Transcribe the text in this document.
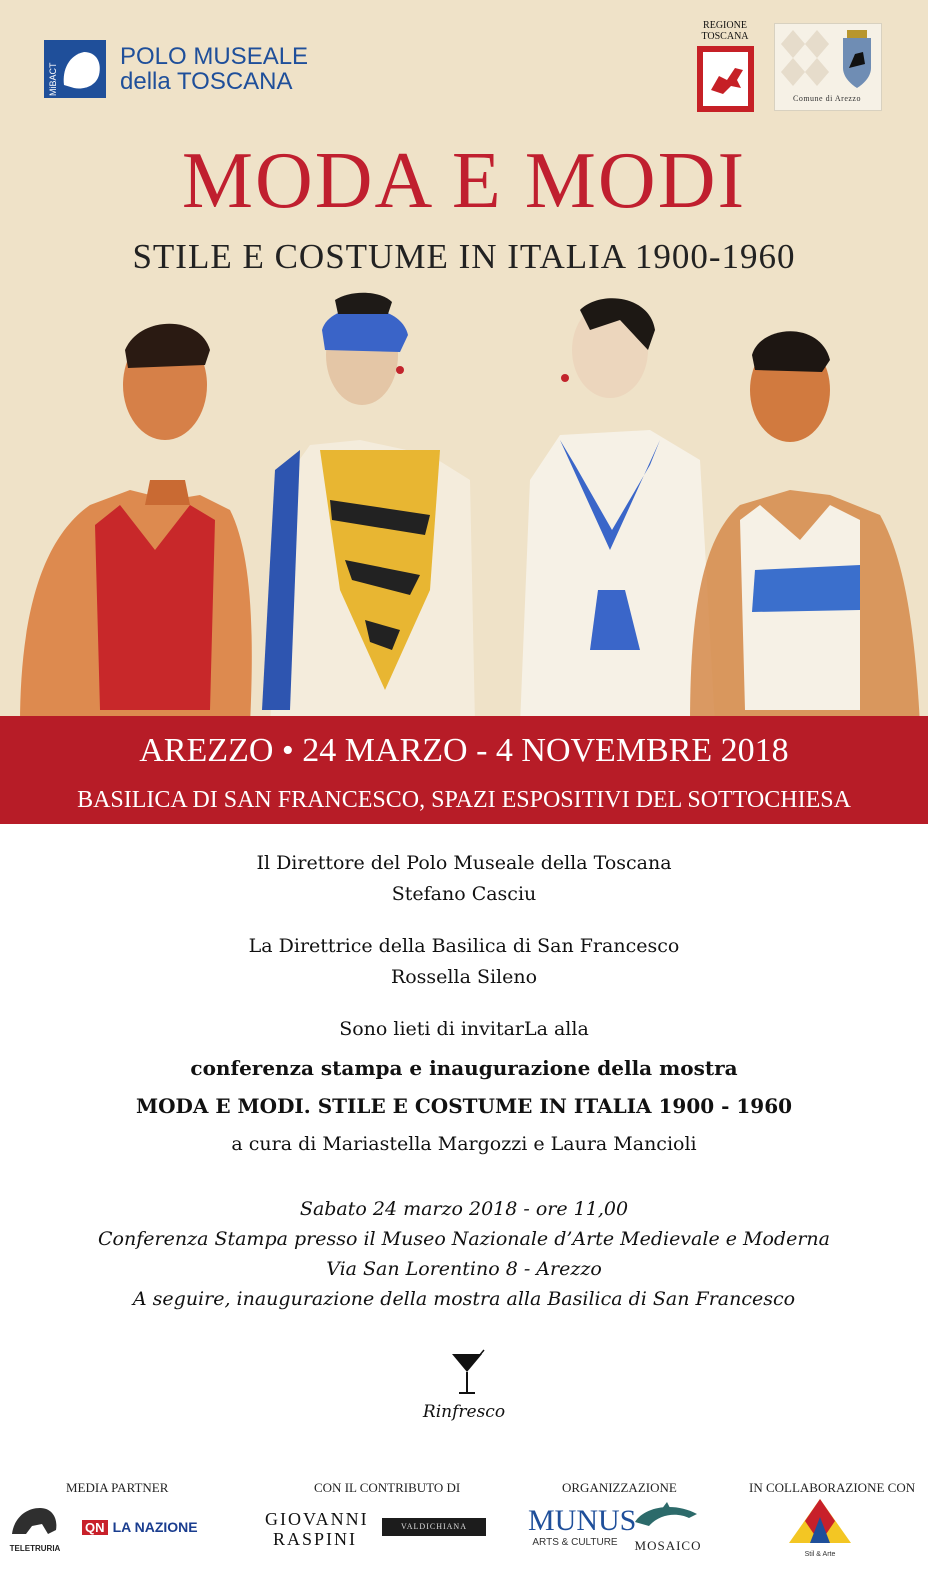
MiBACT
POLO MUSEALE
della TOSCANA
REGIONE
TOSCANA
Comune di Arezzo
MODA E MODI
STILE E COSTUME IN ITALIA 1900-1960
AREZZO • 24 MARZO - 4 NOVEMBRE 2018
BASILICA DI SAN FRANCESCO, SPAZI ESPOSITIVI DEL SOTTOCHIESA
Il Direttore del Polo Museale della Toscana
Stefano Casciu
La Direttrice della Basilica di San Francesco
Rossella Sileno
Sono lieti di invitarLa alla
conferenza stampa e inaugurazione della mostra
MODA E MODI. STILE E COSTUME IN ITALIA 1900 - 1960
a cura di Mariastella Margozzi e Laura Mancioli
Sabato 24 marzo 2018 - ore 11,00
Conferenza Stampa presso il Museo Nazionale d’Arte Medievale e Moderna
Via San Lorentino 8 - Arezzo
A seguire, inaugurazione della mostra alla Basilica di San Francesco
Rinfresco
MEDIA PARTNER	CON IL CONTRIBUTO DI	ORGANIZZAZIONE	IN COLLABORAZIONE CON
TELETRURIA
QN LA NAZIONE	GIOVANNI
RASPINI
VALDICHIANA	MUNUS
ARTS & CULTURE	MOSAICO
Stil & Arte
